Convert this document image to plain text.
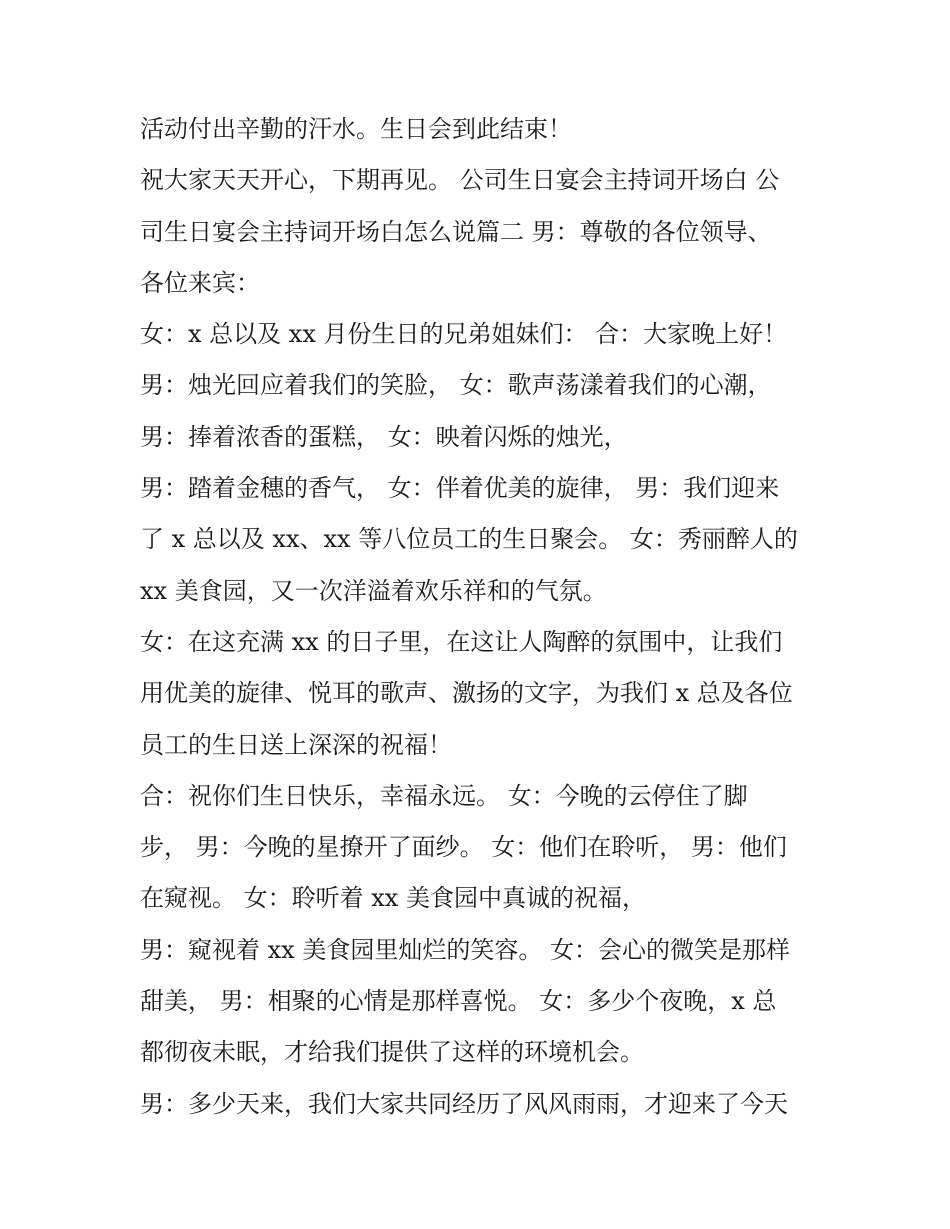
活动付出辛勤的汗水。生日会到此结束！
祝大家天天开心，下期再见。 公司生日宴会主持词开场白 公
司生日宴会主持词开场白怎么说篇二 男：尊敬的各位领导、
各位来宾：
女：x 总以及 xx 月份生日的兄弟姐妹们： 合：大家晚上好！
男：烛光回应着我们的笑脸， 女：歌声荡漾着我们的心潮，
男：捧着浓香的蛋糕， 女：映着闪烁的烛光，
男：踏着金穗的香气， 女：伴着优美的旋律， 男：我们迎来
了 x 总以及 xx、xx 等八位员工的生日聚会。 女：秀丽醉人的
xx 美食园，又一次洋溢着欢乐祥和的气氛。
女：在这充满 xx 的日子里，在这让人陶醉的氛围中，让我们
用优美的旋律、悦耳的歌声、激扬的文字，为我们 x 总及各位
员工的生日送上深深的祝福！
合：祝你们生日快乐，幸福永远。 女：今晚的云停住了脚
步， 男：今晚的星撩开了面纱。 女：他们在聆听， 男：他们
在窥视。 女：聆听着 xx 美食园中真诚的祝福，
男：窥视着 xx 美食园里灿烂的笑容。 女：会心的微笑是那样
甜美， 男：相聚的心情是那样喜悦。 女：多少个夜晚，x 总
都彻夜未眠，才给我们提供了这样的环境机会。
男：多少天来，我们大家共同经历了风风雨雨，才迎来了今天
